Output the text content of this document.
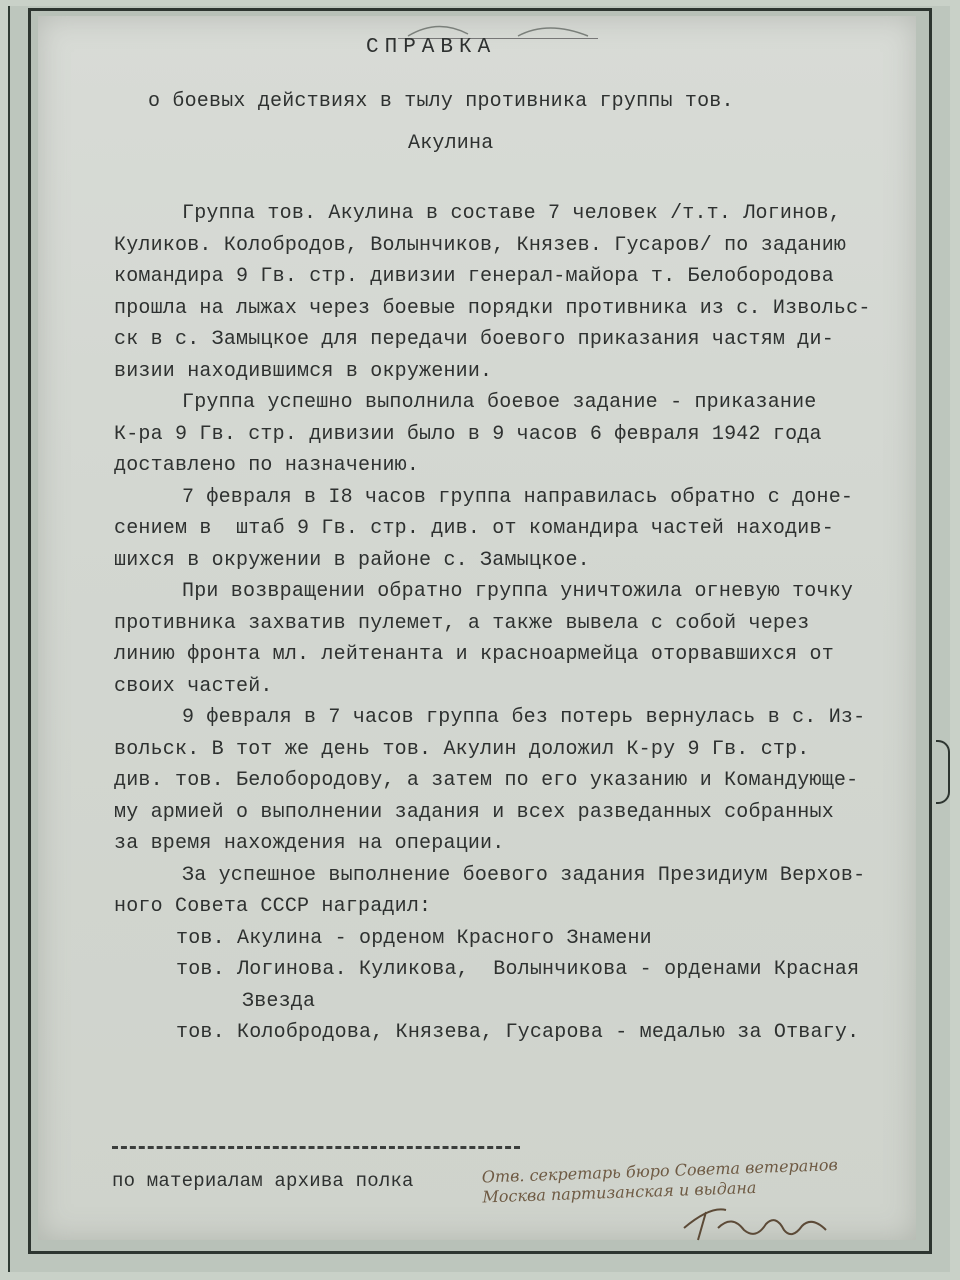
СПРАВКА
о боевых действиях в тылу противника группы тов.
Акулина
Группа тов. Акулина в составе 7 человек /т.т. Логинов,
Куликов. Колобродов, Волынчиков, Князев. Гусаров/ по заданию
командира 9 Гв. стр. дивизии генерал-майора т. Белобородова
прошла на лыжах через боевые порядки противника из с. Извольс-
ск в с. Замыцкое для передачи боевого приказания частям ди-
визии находившимся в окружении.
Группа успешно выполнила боевое задание - приказание
К-ра 9 Гв. стр. дивизии было в 9 часов 6 февраля 1942 года
доставлено по назначению.
7 февраля в I8 часов группа направилась обратно с доне-
сением в  штаб 9 Гв. стр. див. от командира частей находив-
шихся в окружении в районе с. Замыцкое.
При возвращении обратно группа уничтожила огневую точку
противника захватив пулемет, а также вывела с собой через
линию фронта мл. лейтенанта и красноармейца оторвавшихся от
своих частей.
9 февраля в 7 часов группа без потерь вернулась в с. Из-
вольск. В тот же день тов. Акулин доложил К-ру 9 Гв. стр.
див. тов. Белобородову, а затем по его указанию и Командующе-
му армией о выполнении задания и всех разведанных собранных
за время нахождения на операции.
За успешное выполнение боевого задания Президиум Верхов-
ного Совета СССР наградил:
тов. Акулина - орденом Красного Знамени
тов. Логинова. Куликова,  Волынчикова - орденами Красная
Звезда
тов. Колобродова, Князева, Гусарова - медалью за Отвагу.
по материалам архива полка	Отв. секретарь бюро Совета ветеранов
Москва партизанская и выдана
